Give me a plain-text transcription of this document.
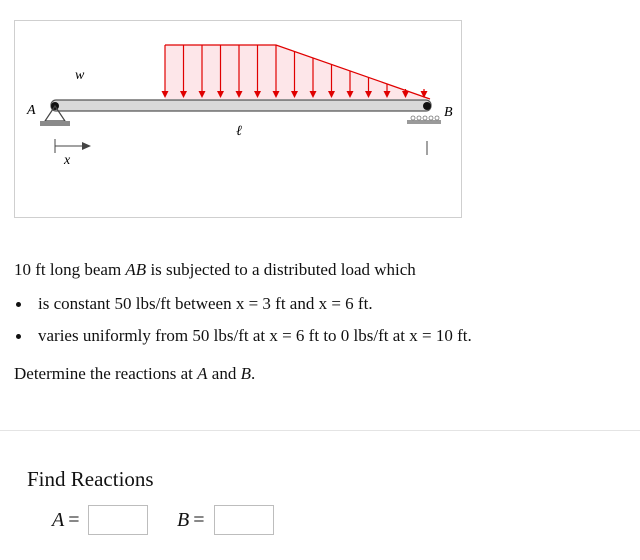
A	B
w
ℓ
x

10 ft long beam AB is subjected to a distributed load which

is constant 50 lbs/ft between x = 3 ft and x = 6 ft.
varies uniformly from 50 lbs/ft at x = 6 ft to 0 lbs/ft at x = 10 ft.

Determine the reactions at A and B.

Find Reactions
A =	B =
